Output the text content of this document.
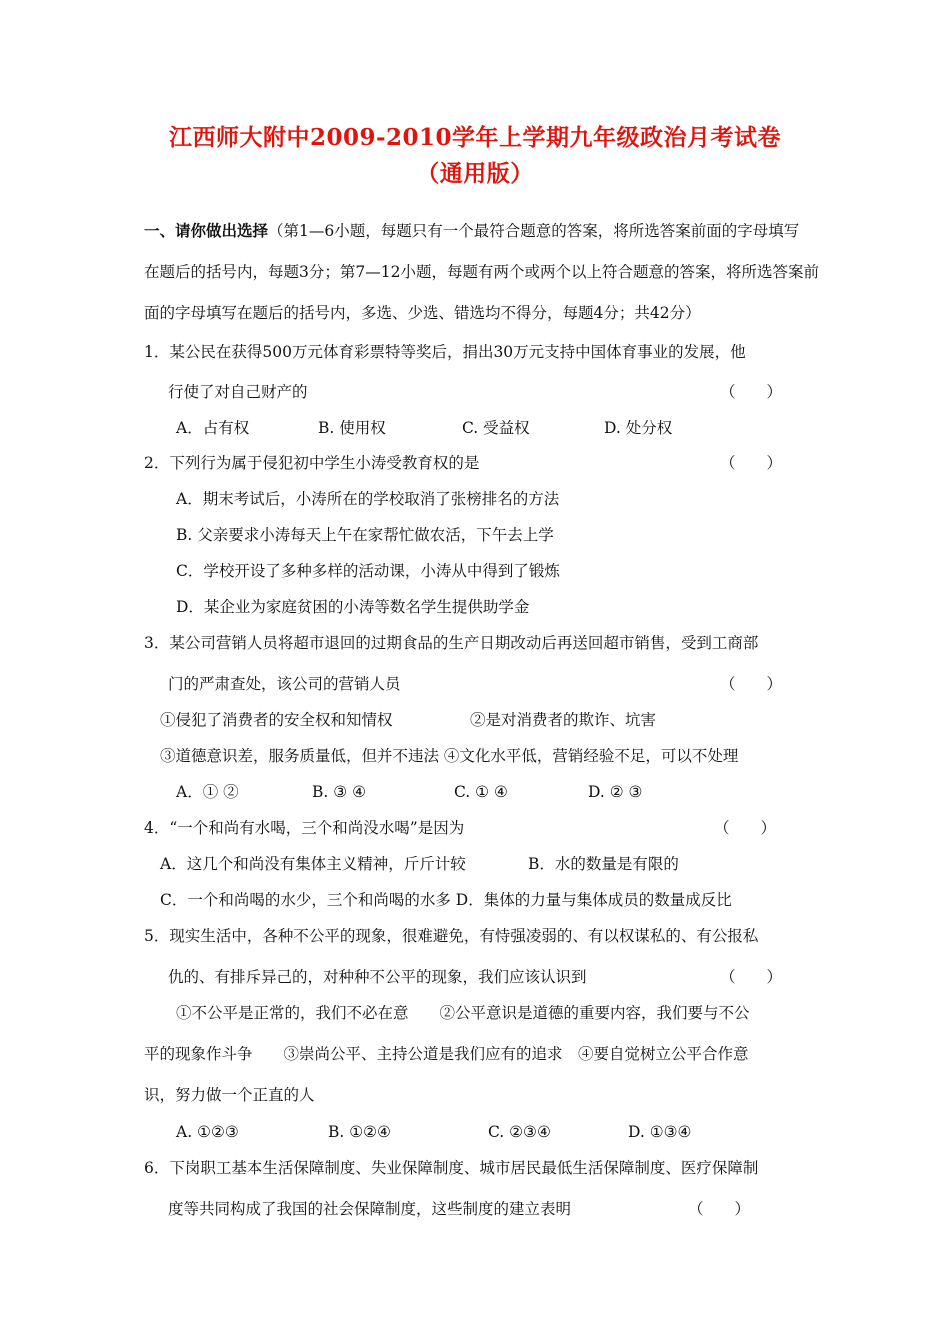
江西师大附中2009-2010学年上学期九年级政治月考试卷（通用版）
一、请你做出选择（第1—6小题，每题只有一个最符合题意的答案，将所选答案前面的字母填写
在题后的括号内，每题3分；第7—12小题，每题有两个或两个以上符合题意的答案，将所选答案前
面的字母填写在题后的括号内，多选、少选、错选均不得分，每题4分；共42分）
1．某公民在获得500万元体育彩票特等奖后，捐出30万元支持中国体育事业的发展，他
行使了对自己财产的	（　　）
A．占有权	B. 使用权	C. 受益权	D. 处分权
2．下列行为属于侵犯初中学生小涛受教育权的是	（　　）
A．期末考试后，小涛所在的学校取消了张榜排名的方法
B. 父亲要求小涛每天上午在家帮忙做农活，下午去上学
C．学校开设了多种多样的活动课，小涛从中得到了锻炼
D．某企业为家庭贫困的小涛等数名学生提供助学金
3．某公司营销人员将超市退回的过期食品的生产日期改动后再送回超市销售，受到工商部
门的严肃查处，该公司的营销人员	（　　）
①侵犯了消费者的安全权和知情权	②是对消费者的欺诈、坑害
③道德意识差，服务质量低，但并不违法 ④文化水平低，营销经验不足，可以不处理
A．① ②	B. ③ ④	C. ① ④	D. ② ③
4．“一个和尚有水喝，三个和尚没水喝”是因为	（　　）
A．这几个和尚没有集体主义精神，斤斤计较	B．水的数量是有限的
C．一个和尚喝的水少，三个和尚喝的水多 D．集体的力量与集体成员的数量成反比
5．现实生活中，各种不公平的现象，很难避免，有恃强凌弱的、有以权谋私的、有公报私
仇的、有排斥异己的，对种种不公平的现象，我们应该认识到	（　　）
①不公平是正常的，我们不必在意　　②公平意识是道德的重要内容，我们要与不公
平的现象作斗争　　③崇尚公平、主持公道是我们应有的追求　④要自觉树立公平合作意
识，努力做一个正直的人
A. ①②③	B. ①②④	C. ②③④	D. ①③④
6．下岗职工基本生活保障制度、失业保障制度、城市居民最低生活保障制度、医疗保障制
度等共同构成了我国的社会保障制度，这些制度的建立表明	（　　）
